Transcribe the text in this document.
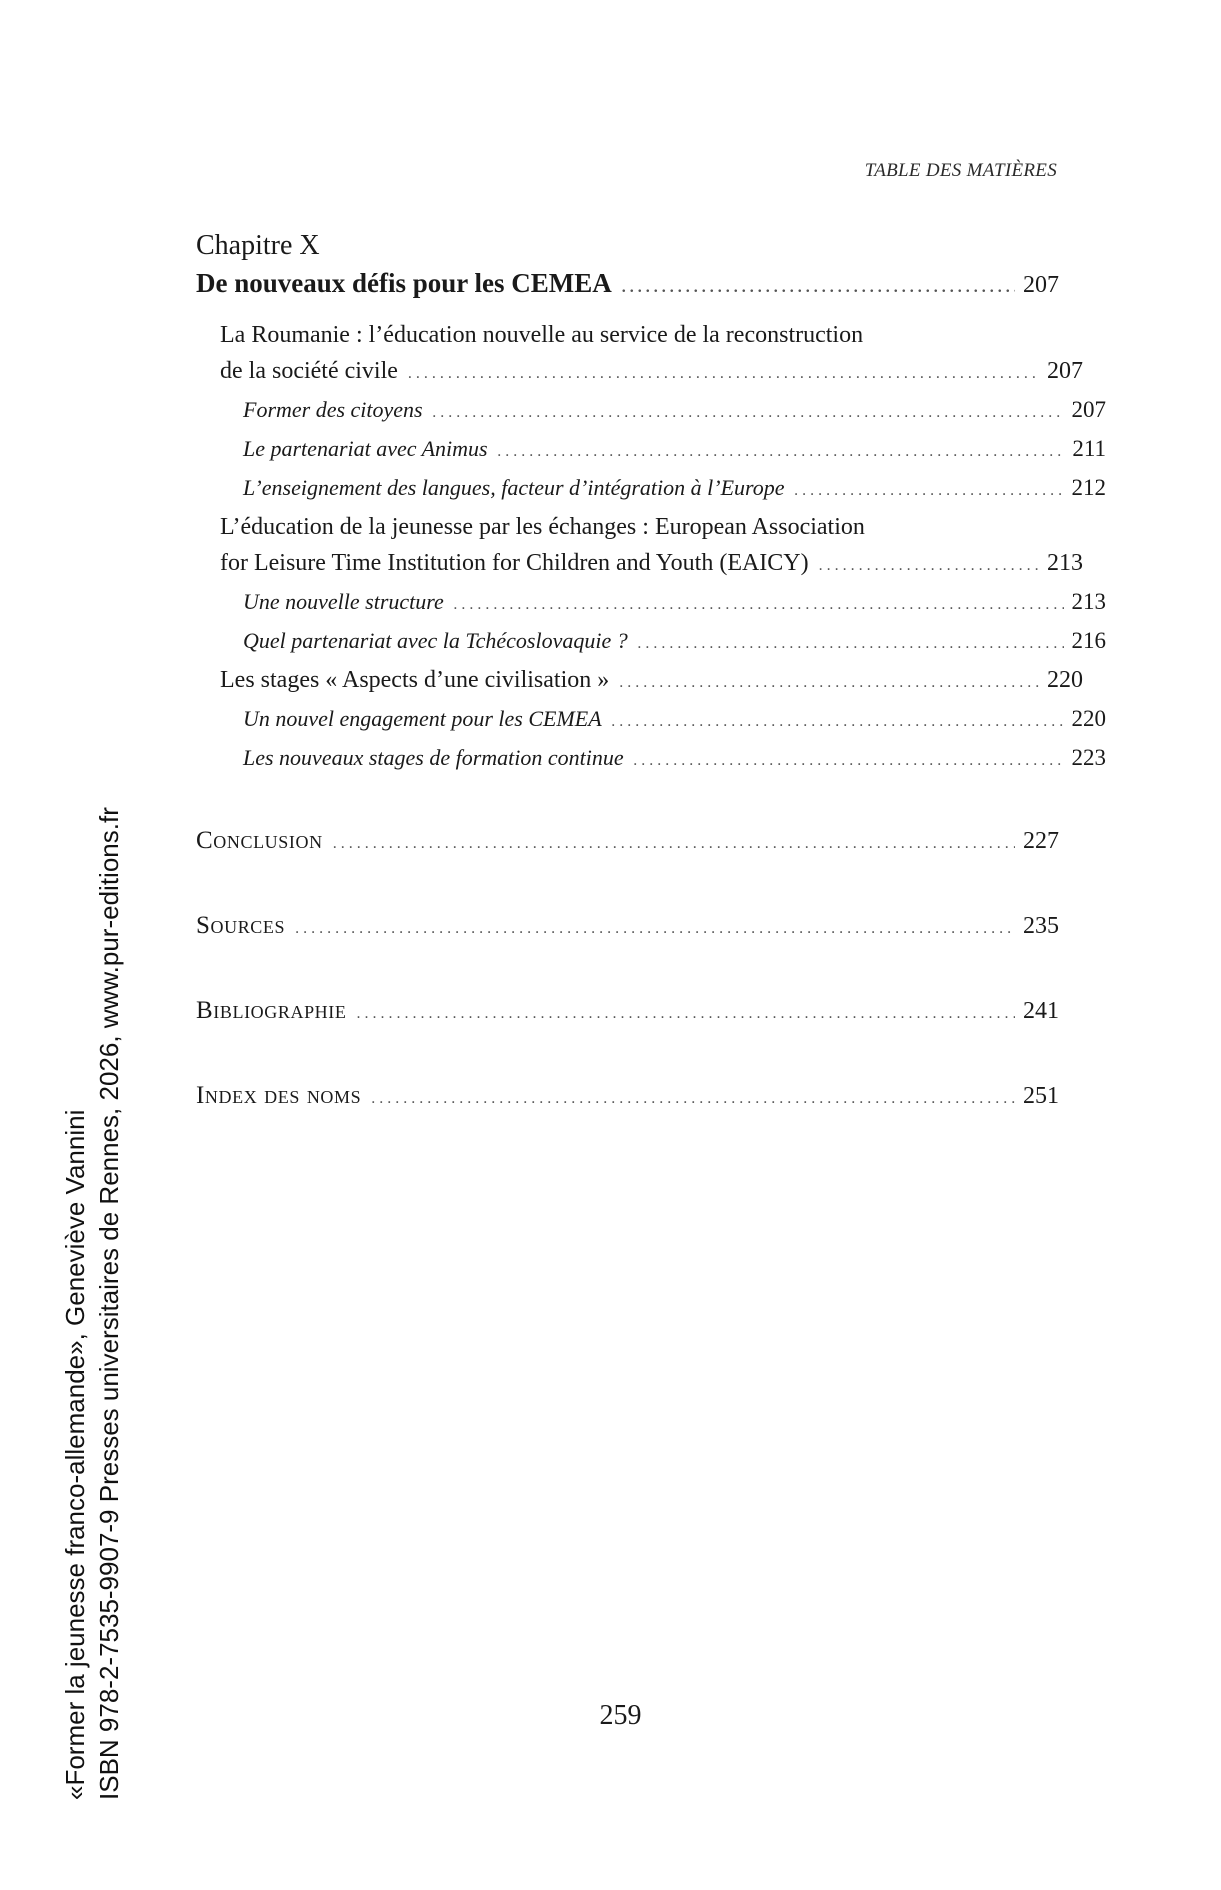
TABLE DES MATIÈRES
Chapitre X
De nouveaux défis pour les CEMEA . . .	207
La Roumanie : l’éducation nouvelle au service de la reconstruction
de la société civile . . .	207
Former des citoyens . . .	207
Le partenariat avec Animus . . .	211
L’enseignement des langues, facteur d’intégration à l’Europe . . .	212
L’éducation de la jeunesse par les échanges : European Association
for Leisure Time Institution for Children and Youth (EAICY) . . .	213
Une nouvelle structure . . .	213
Quel partenariat avec la Tchécoslovaquie ? . . .	216
Les stages « Aspects d’une civilisation » . . .	220
Un nouvel engagement pour les CEMEA . . .	220
Les nouveaux stages de formation continue . . .	223
Conclusion . . .	227
Sources . . .	235
Bibliographie . . .	241
Index des noms . . .	251
259
«Former la jeunesse franco-allemande», Geneviève Vannini ISBN 978-2-7535-9907-9 Presses universitaires de Rennes, 2026, www.pur-editions.fr
